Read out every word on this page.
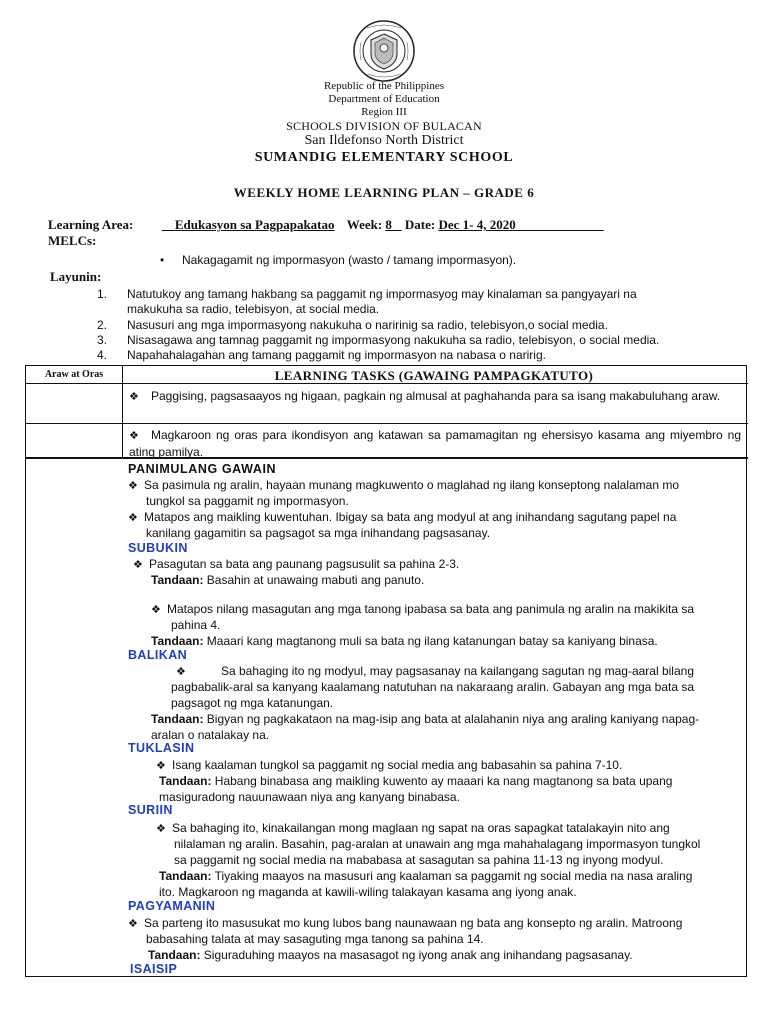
Republic of the Philippines
Department of Education
Region III
SCHOOLS DIVISION OF BULACAN
San Ildefonso North District
SUMANDIG ELEMENTARY SCHOOL
WEEKLY HOME LEARNING PLAN – GRADE 6
Learning Area:	Edukasyon sa Pagpapakatao Week: 8 Date: Dec 1- 4, 2020
MELCs:
• Nakagagamit ng impormasyon (wasto / tamang impormasyon).
Layunin:
1. Natutukoy ang tamang hakbang sa paggamit ng impormasyog may kinalaman sa pangyayari na
makukuha sa radio, telebisyon, at social media.
2. Nasusuri ang mga impormasyong nakukuha o naririnig sa radio, telebisyon,o social media.
3. Nisasagawa ang tamnag paggamit ng impormasyong nakukuha sa radio, telebisyon, o social media.
4. Napahahalagahan ang tamang paggamit ng impormasyon na nabasa o naririg.
Araw at Oras	LEARNING TASKS (GAWAING PAMPAGKATUTO)
❖ Paggising, pagsasaayos ng higaan, pagkain ng almusal at paghahanda para sa isang makabuluhang araw.
❖ Magkaroon ng oras para ikondisyon ang katawan sa pamamagitan ng ehersisyo kasama ang miyembro ng ating pamilya.
PANIMULANG GAWAIN
❖ Sa pasimula ng aralin, hayaan munang magkuwento o maglahad ng ilang konseptong nalalaman mo
tungkol sa paggamit ng impormasyon.
❖ Matapos ang maikling kuwentuhan. Ibigay sa bata ang modyul at ang inihandang sagutang papel na
kanilang gagamitin sa pagsagot sa mga inihandang pagsasanay.
SUBUKIN
❖ Pasagutan sa bata ang paunang pagsusulit sa pahina 2-3.
Tandaan: Basahin at unawaing mabuti ang panuto.
❖ Matapos nilang masagutan ang mga tanong ipabasa sa bata ang panimula ng aralin na makikita sa
pahina 4.
Tandaan: Maaari kang magtanong muli sa bata ng ilang katanungan batay sa kaniyang binasa.
BALIKAN
❖	Sa bahaging ito ng modyul, may pagsasanay na kailangang sagutan ng mag-aaral bilang
pagbabalik-aral sa kanyang kaalamang natutuhan na nakaraang aralin. Gabayan ang mga bata sa
pagsagot ng mga katanungan.
Tandaan: Bigyan ng pagkakataon na mag-isip ang bata at alalahanin niya ang araling kaniyang napag-
aralan o natalakay na.
TUKLASIN
❖ Isang kaalaman tungkol sa paggamit ng social media ang babasahin sa pahina 7-10.
Tandaan: Habang binabasa ang maikling kuwento ay maaari ka nang magtanong sa bata upang
masiguradong nauunawaan niya ang kanyang binabasa.
SURIIN
❖ Sa bahaging ito, kinakailangan mong maglaan ng sapat na oras sapagkat tatalakayin nito ang
nilalaman ng aralin. Basahin, pag-aralan at unawain ang mga mahahalagang impormasyon tungkol
sa paggamit ng social media na mababasa at sasagutan sa pahina 11-13 ng inyong modyul.
Tandaan: Tiyaking maayos na masusuri ang kaalaman sa paggamit ng social media na nasa araling
ito. Magkaroon ng maganda at kawili-wiling talakayan kasama ang iyong anak.
PAGYAMANIN
❖ Sa parteng ito masusukat mo kung lubos bang naunawaan ng bata ang konsepto ng aralin. Matroong
babasahing talata at may sasaguting mga tanong sa pahina 14.
Tandaan: Siguraduhing maayos na masasagot ng iyong anak ang inihandang pagsasanay.
ISAISIP
